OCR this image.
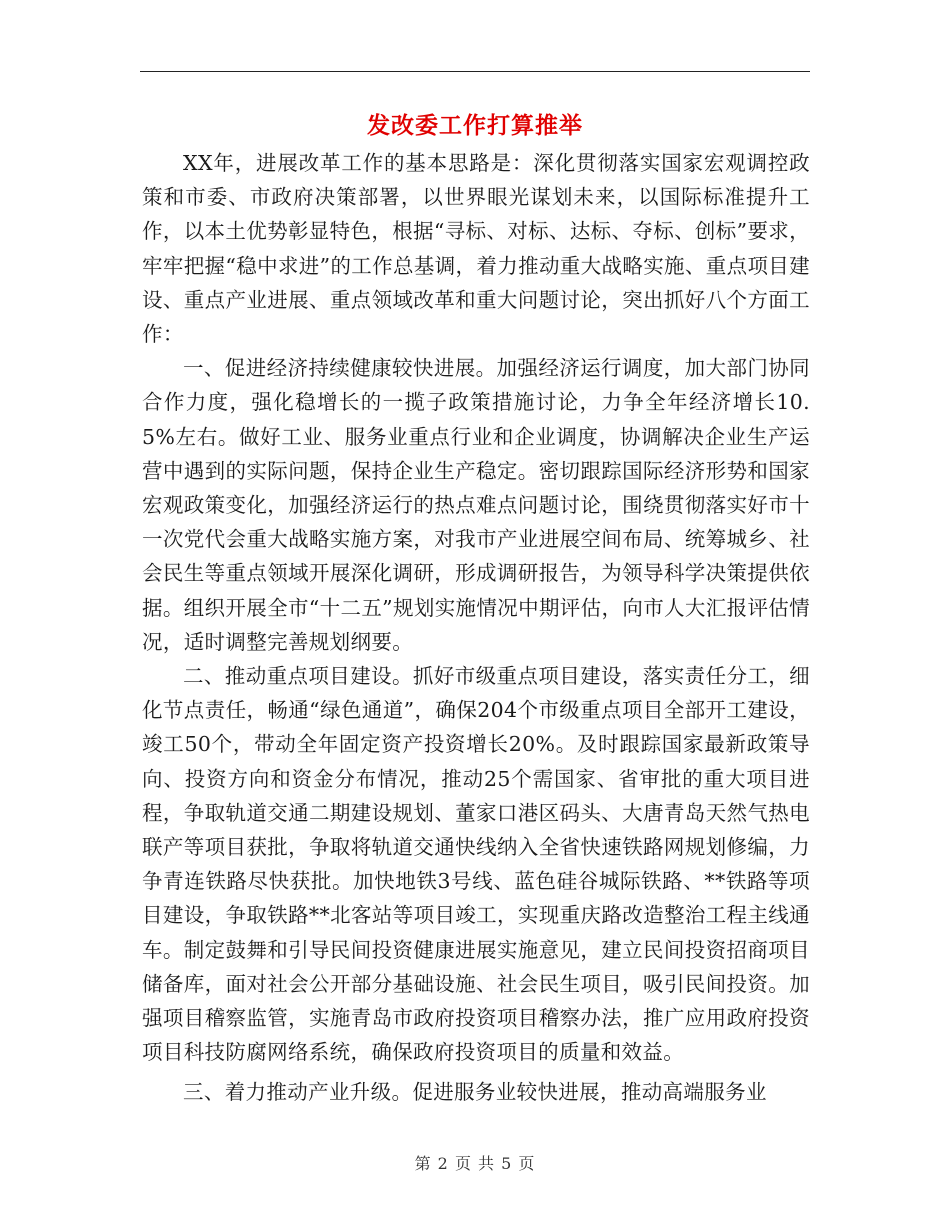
发改委工作打算推举

XX年，进展改革工作的基本思路是：深化贯彻落实国家宏观调控政策和市委、市政府决策部署，以世界眼光谋划未来，以国际标准提升工作，以本土优势彰显特色，根据“寻标、对标、达标、夺标、创标”要求，牢牢把握“稳中求进”的工作总基调，着力推动重大战略实施、重点项目建设、重点产业进展、重点领域改革和重大问题讨论，突出抓好八个方面工作：

一、促进经济持续健康较快进展。加强经济运行调度，加大部门协同合作力度，强化稳增长的一揽子政策措施讨论，力争全年经济增长10.5%左右。做好工业、服务业重点行业和企业调度，协调解决企业生产运营中遇到的实际问题，保持企业生产稳定。密切跟踪国际经济形势和国家宏观政策变化，加强经济运行的热点难点问题讨论，围绕贯彻落实好市十一次党代会重大战略实施方案，对我市产业进展空间布局、统筹城乡、社会民生等重点领域开展深化调研，形成调研报告，为领导科学决策提供依据。组织开展全市“十二五”规划实施情况中期评估，向市人大汇报评估情况，适时调整完善规划纲要。

二、推动重点项目建设。抓好市级重点项目建设，落实责任分工，细化节点责任，畅通“绿色通道”，确保204个市级重点项目全部开工建设，竣工50个，带动全年固定资产投资增长20%。及时跟踪国家最新政策导向、投资方向和资金分布情况，推动25个需国家、省审批的重大项目进程，争取轨道交通二期建设规划、董家口港区码头、大唐青岛天然气热电联产等项目获批，争取将轨道交通快线纳入全省快速铁路网规划修编，力争青连铁路尽快获批。加快地铁3号线、蓝色硅谷城际铁路、**铁路等项目建设，争取铁路**北客站等项目竣工，实现重庆路改造整治工程主线通车。制定鼓舞和引导民间投资健康进展实施意见，建立民间投资招商项目储备库，面对社会公开部分基础设施、社会民生项目，吸引民间投资。加强项目稽察监管，实施青岛市政府投资项目稽察办法，推广应用政府投资项目科技防腐网络系统，确保政府投资项目的质量和效益。

三、着力推动产业升级。促进服务业较快进展，推动高端服务业

第 2 页 共 5 页
